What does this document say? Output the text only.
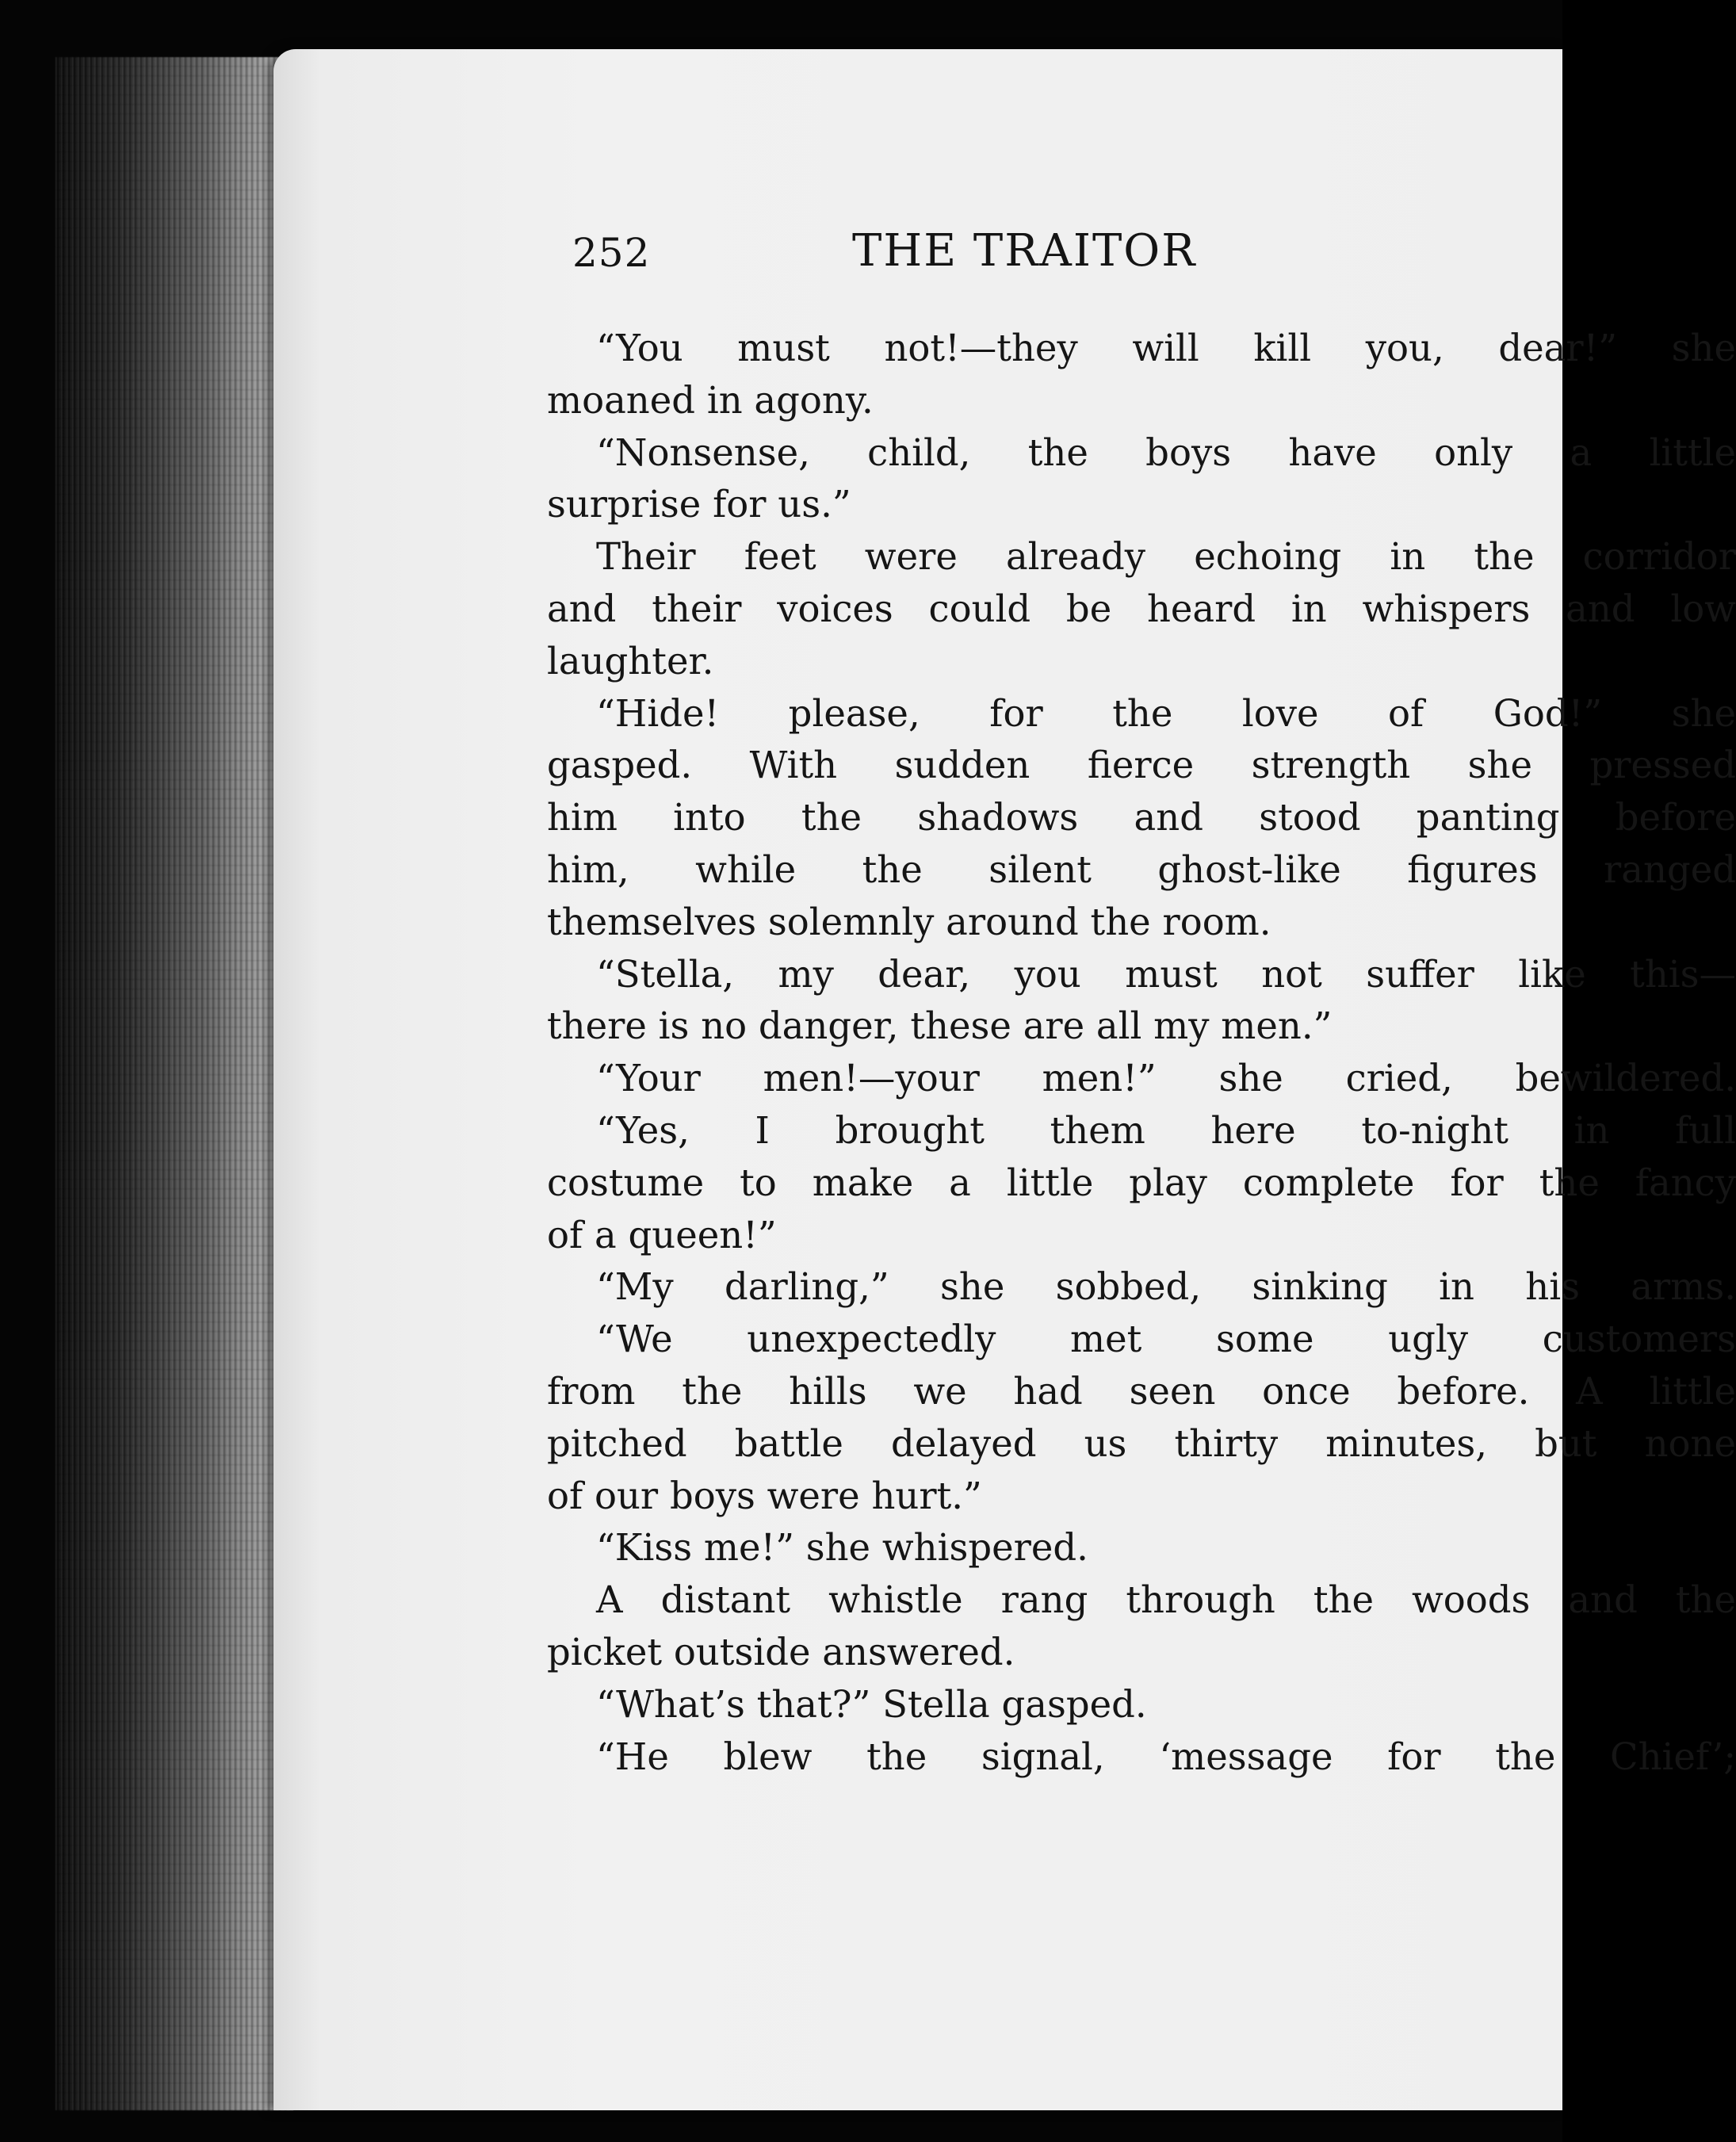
252	THE TRAITOR
“You must not!—they will kill you, dear!” she
moaned in agony.
“Nonsense, child, the boys have only a little
surprise for us.”
Their feet were already echoing in the corridor
and their voices could be heard in whispers and low
laughter.
“Hide! please, for the love of God!” she
gasped. With sudden fierce strength she pressed
him into the shadows and stood panting before
him, while the silent ghost-like figures ranged
themselves solemnly around the room.
“Stella, my dear, you must not suffer like this—
there is no danger, these are all my men.”
“Your men!—your men!” she cried, bewildered.
“Yes, I brought them here to-night in full
costume to make a little play complete for the fancy
of a queen!”
“My darling,” she sobbed, sinking in his arms.
“We unexpectedly met some ugly customers
from the hills we had seen once before. A little
pitched battle delayed us thirty minutes, but none
of our boys were hurt.”
“Kiss me!” she whispered.
A distant whistle rang through the woods and the
picket outside answered.
“What’s that?” Stella gasped.
“He blew the signal, ‘message for the Chief’;
